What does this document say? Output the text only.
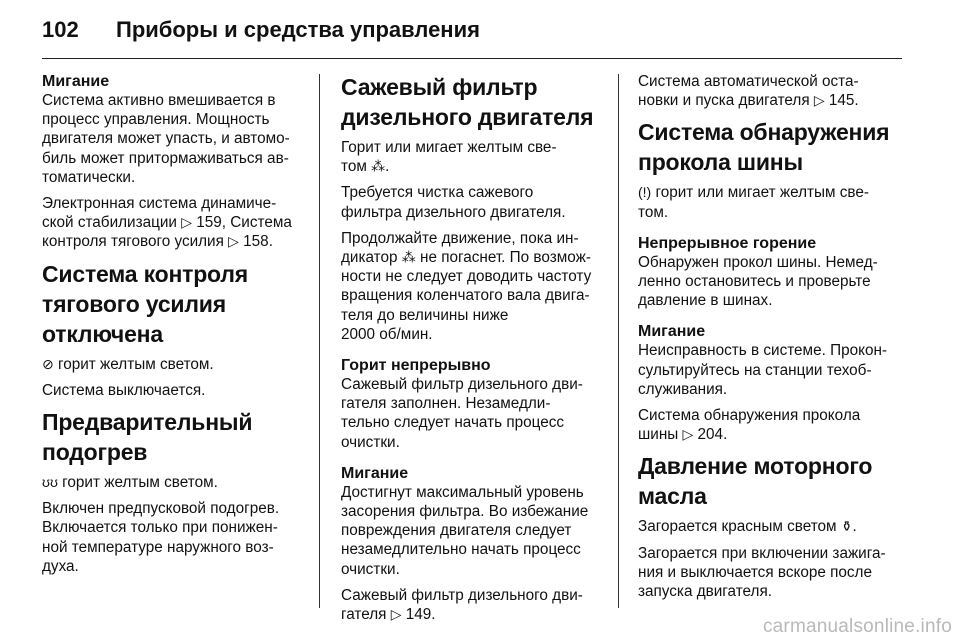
102	Приборы и средства управления
Мигание

Система активно вмешивается в
процесс управления. Мощность
двигателя может упасть, и автомо-
биль может притормаживаться ав-
томатически.

Электронная система динамиче-
ской стабилизации ▷ 159, Система
контроля тягового усилия ▷ 158.

Система контроля
тягового усилия
отключена

⊘ горит желтым светом.

Система выключается.

Предварительный
подогрев

ʊʊ горит желтым светом.

Включен предпусковой подогрев.
Включается только при понижен-
ной температуре наружного воз-
духа.

Сажевый фильтр
дизельного двигателя

Горит или мигает желтым све-
том ⁂.

Требуется чистка сажевого
фильтра дизельного двигателя.

Продолжайте движение, пока ин-
дикатор ⁂ не погаснет. По возмож-
ности не следует доводить частоту
вращения коленчатого вала двига-
теля до величины ниже
2000 об/мин.

Горит непрерывно

Сажевый фильтр дизельного дви-
гателя заполнен. Незамедли-
тельно следует начать процесс
очистки.

Мигание

Достигнут максимальный уровень
засорения фильтра. Во избежание
повреждения двигателя следует
незамедлительно начать процесс
очистки.

Сажевый фильтр дизельного дви-
гателя ▷ 149.

Система автоматической оста-
новки и пуска двигателя ▷ 145.

Система обнаружения
прокола шины

(!) горит или мигает желтым све-
том.

Непрерывное горение

Обнаружен прокол шины. Немед-
ленно остановитесь и проверьте
давление в шинах.

Мигание

Неисправность в системе. Прокон-
сультируйтесь на станции техоб-
служивания.

Система обнаружения прокола
шины ▷ 204.

Давление моторного
масла

Загорается красным светом ⚱.

Загорается при включении зажига-
ния и выключается вскоре после
запуска двигателя.

carmanualsonline.info
